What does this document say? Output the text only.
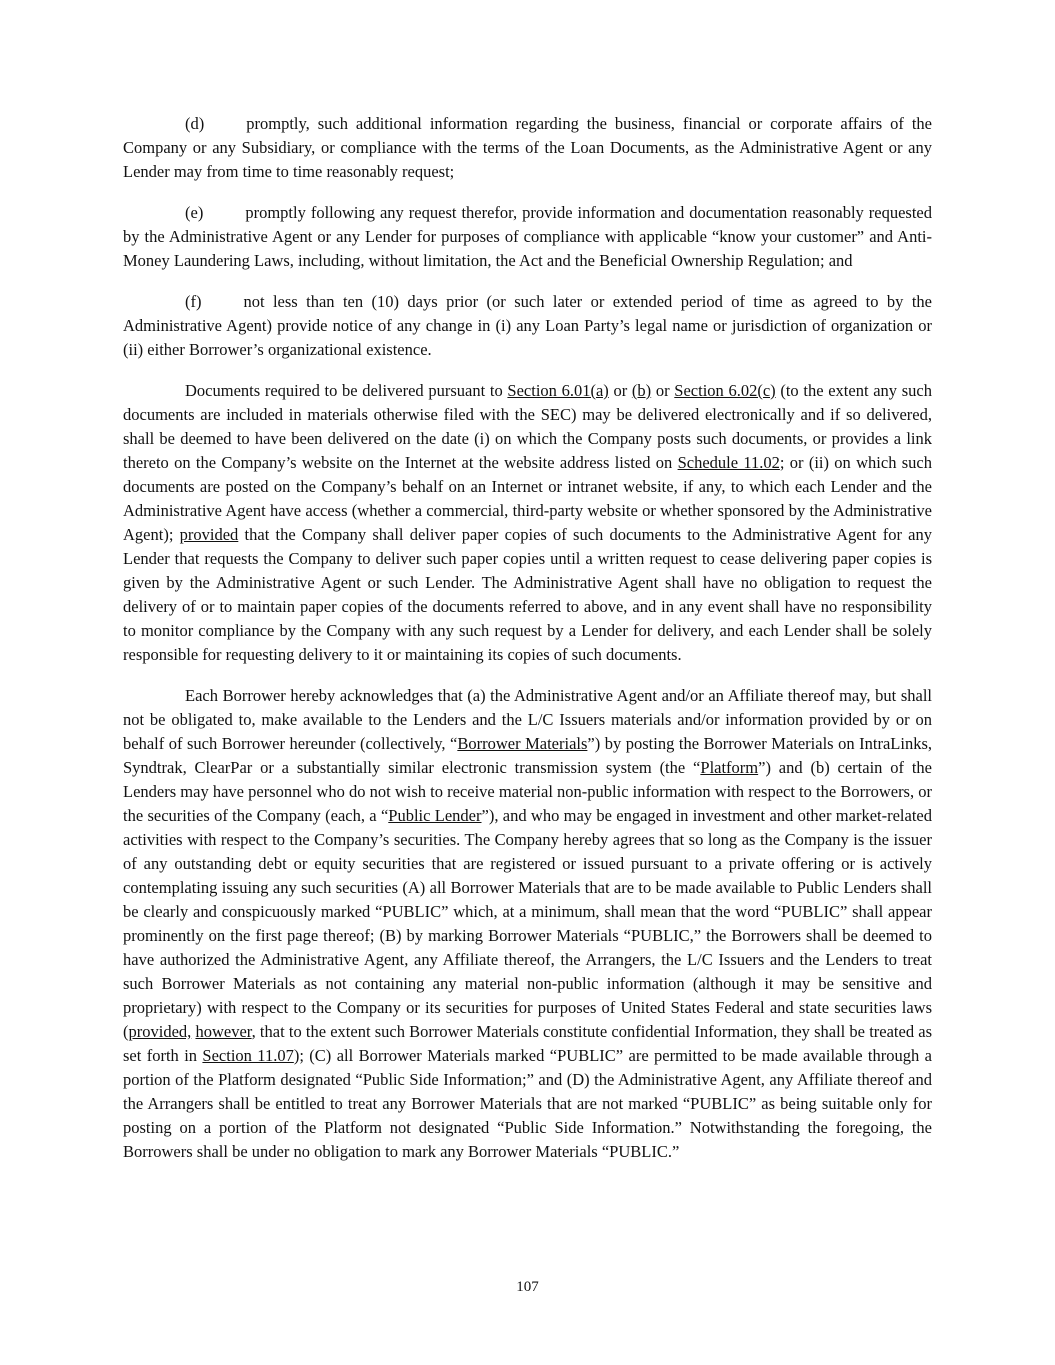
(d)	promptly, such additional information regarding the business, financial or corporate affairs of the Company or any Subsidiary, or compliance with the terms of the Loan Documents, as the Administrative Agent or any Lender may from time to time reasonably request;

(e)	promptly following any request therefor, provide information and documentation reasonably requested by the Administrative Agent or any Lender for purposes of compliance with applicable “know your customer” and Anti-Money Laundering Laws, including, without limitation, the Act and the Beneficial Ownership Regulation; and

(f)	not less than ten (10) days prior (or such later or extended period of time as agreed to by the Administrative Agent) provide notice of any change in (i) any Loan Party’s legal name or jurisdiction of organization or (ii) either Borrower’s organizational existence.

Documents required to be delivered pursuant to Section 6.01(a) or (b) or Section 6.02(c) (to the extent any such documents are included in materials otherwise filed with the SEC) may be delivered electronically and if so delivered, shall be deemed to have been delivered on the date (i) on which the Company posts such documents, or provides a link thereto on the Company’s website on the Internet at the website address listed on Schedule 11.02; or (ii) on which such documents are posted on the Company’s behalf on an Internet or intranet website, if any, to which each Lender and the Administrative Agent have access (whether a commercial, third-party website or whether sponsored by the Administrative Agent); provided that the Company shall deliver paper copies of such documents to the Administrative Agent for any Lender that requests the Company to deliver such paper copies until a written request to cease delivering paper copies is given by the Administrative Agent or such Lender. The Administrative Agent shall have no obligation to request the delivery of or to maintain paper copies of the documents referred to above, and in any event shall have no responsibility to monitor compliance by the Company with any such request by a Lender for delivery, and each Lender shall be solely responsible for requesting delivery to it or maintaining its copies of such documents.

Each Borrower hereby acknowledges that (a) the Administrative Agent and/or an Affiliate thereof may, but shall not be obligated to, make available to the Lenders and the L/C Issuers materials and/or information provided by or on behalf of such Borrower hereunder (collectively, “Borrower Materials”) by posting the Borrower Materials on IntraLinks, Syndtrak, ClearPar or a substantially similar electronic transmission system (the “Platform”) and (b) certain of the Lenders may have personnel who do not wish to receive material non-public information with respect to the Borrowers, or the securities of the Company (each, a “Public Lender”), and who may be engaged in investment and other market-related activities with respect to the Company’s securities. The Company hereby agrees that so long as the Company is the issuer of any outstanding debt or equity securities that are registered or issued pursuant to a private offering or is actively contemplating issuing any such securities (A) all Borrower Materials that are to be made available to Public Lenders shall be clearly and conspicuously marked “PUBLIC” which, at a minimum, shall mean that the word “PUBLIC” shall appear prominently on the first page thereof; (B) by marking Borrower Materials “PUBLIC,” the Borrowers shall be deemed to have authorized the Administrative Agent, any Affiliate thereof, the Arrangers, the L/C Issuers and the Lenders to treat such Borrower Materials as not containing any material non-public information (although it may be sensitive and proprietary) with respect to the Company or its securities for purposes of United States Federal and state securities laws (provided, however, that to the extent such Borrower Materials constitute confidential Information, they shall be treated as set forth in Section 11.07); (C) all Borrower Materials marked “PUBLIC” are permitted to be made available through a portion of the Platform designated “Public Side Information;” and (D) the Administrative Agent, any Affiliate thereof and the Arrangers shall be entitled to treat any Borrower Materials that are not marked “PUBLIC” as being suitable only for posting on a portion of the Platform not designated “Public Side Information.” Notwithstanding the foregoing, the Borrowers shall be under no obligation to mark any Borrower Materials “PUBLIC.”

107
